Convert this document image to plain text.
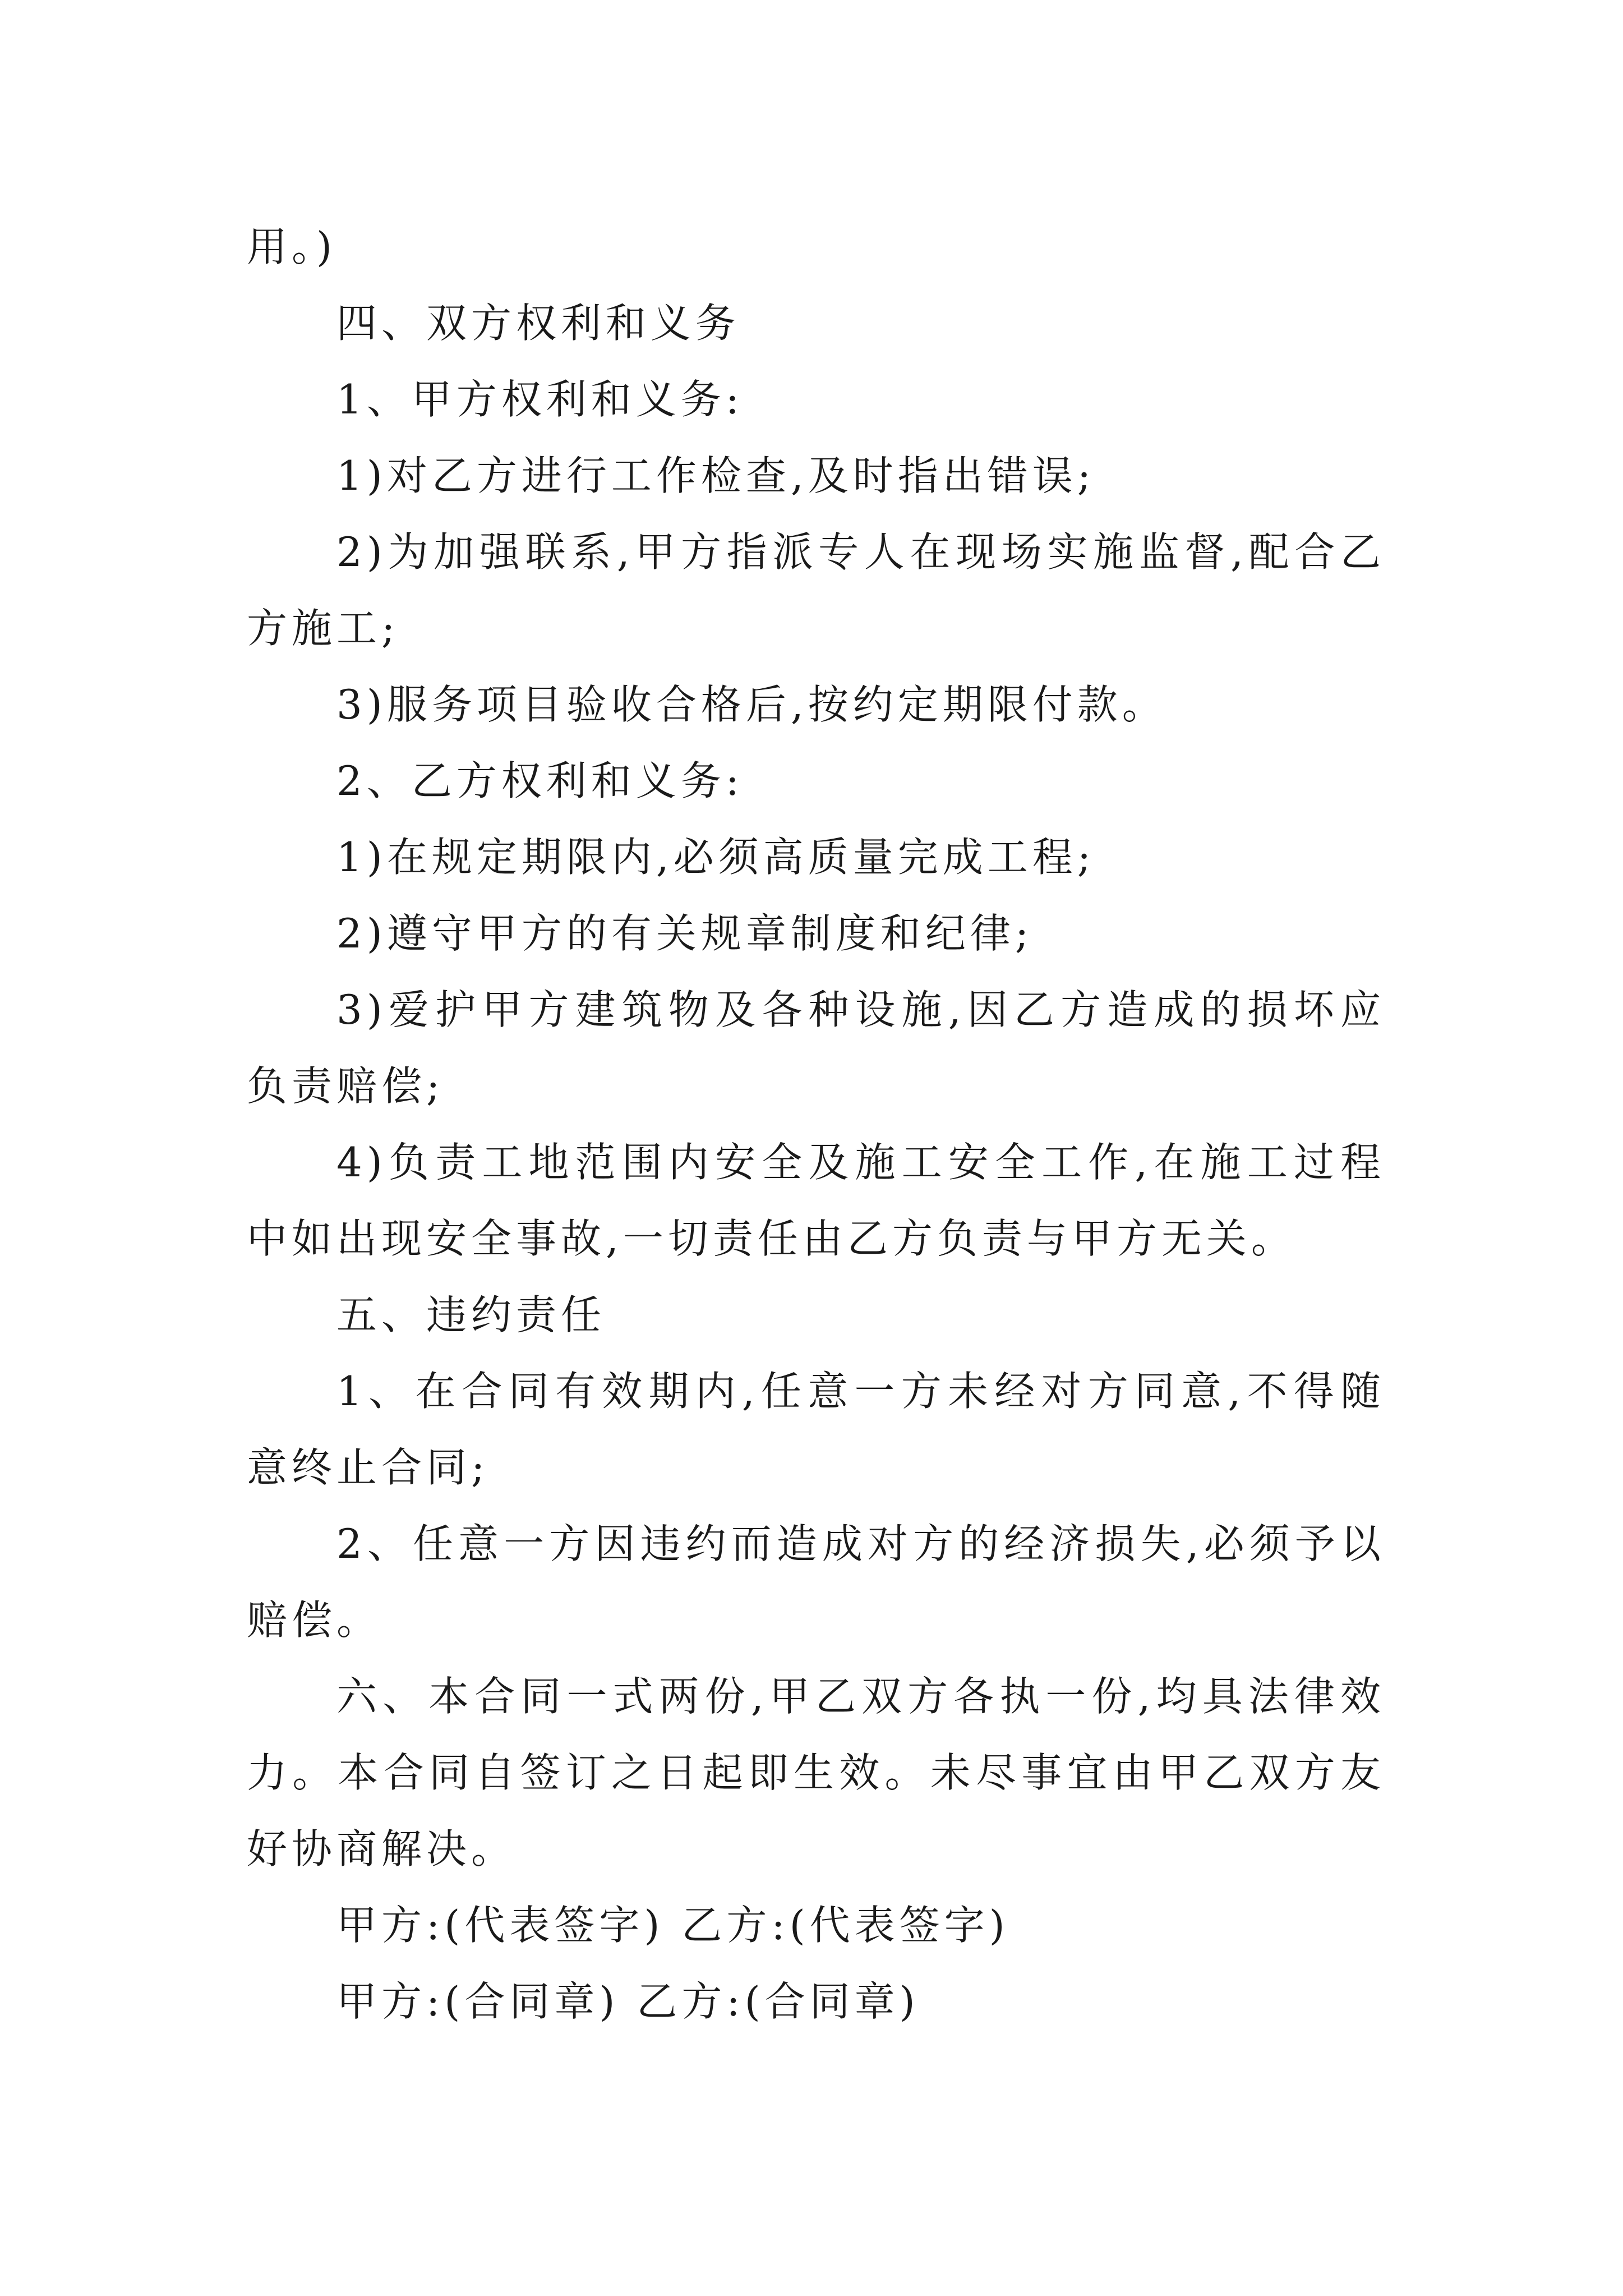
用。)

四、双方权利和义务

1、甲方权利和义务:

1)对乙方进行工作检查,及时指出错误;

2)为加强联系,甲方指派专人在现场实施监督,配合乙方施工;

3)服务项目验收合格后,按约定期限付款。

2、乙方权利和义务:

1)在规定期限内,必须高质量完成工程;

2)遵守甲方的有关规章制度和纪律;

3)爱护甲方建筑物及各种设施,因乙方造成的损坏应负责赔偿;

4)负责工地范围内安全及施工安全工作,在施工过程中如出现安全事故,一切责任由乙方负责与甲方无关。

五、违约责任

1、在合同有效期内,任意一方未经对方同意,不得随意终止合同;

2、任意一方因违约而造成对方的经济损失,必须予以赔偿。

六、本合同一式两份,甲乙双方各执一份,均具法律效力。本合同自签订之日起即生效。未尽事宜由甲乙双方友好协商解决。

甲方:(代表签字) 乙方:(代表签字)

甲方:(合同章) 乙方:(合同章)
